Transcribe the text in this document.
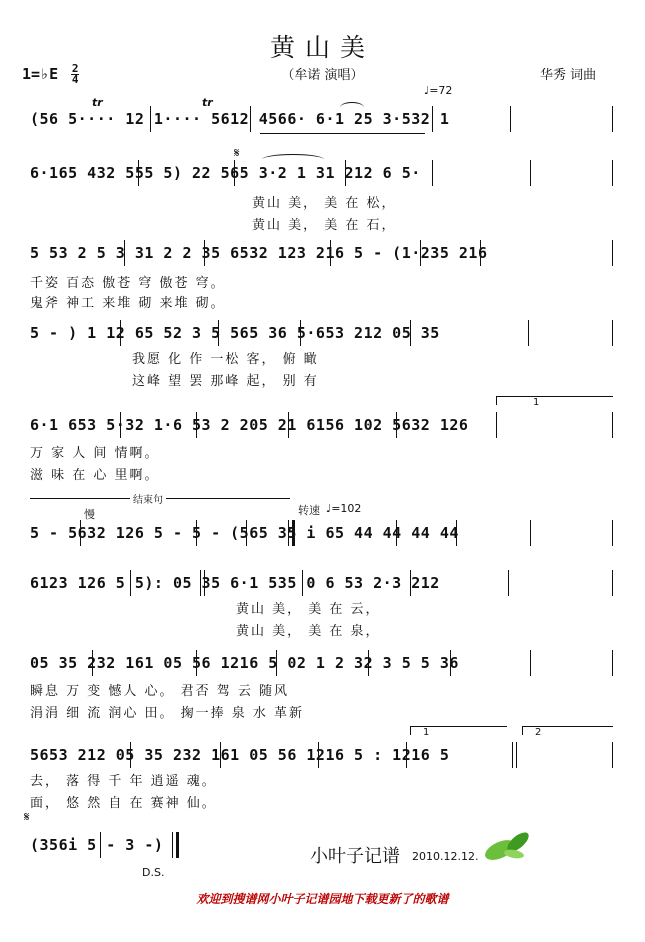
黄山美
（牟诺 演唱）
1=♭E $\frac{2}{4}$	华秀 词曲
♩=72
tr	tr
(56 5···· 12 1···· 5612 4566· 6·1 25 3·532 1
𝄋
6·165 432 555 5) 22 565 3·2 1 31 212 6 5·
黄山 美， 美 在 松，
黄山 美， 美 在 石，
5 53 2 5 3 31 2 2 35 6532 123 216 5 - (1·235 216
千姿 百态 傲苍 穹 傲苍 穹。
鬼斧 神工 来堆 砌 来堆 砌。
5 - ) 1 12 65 52 3 5 565 36 5·653 212 05 35
我愿 化 作 一松 客， 俯 瞰
这峰 望 罢 那峰 起， 别 有
1
6·1 653 5·32 1·6 53 2 205 21 6156 102 5632 126
万 家 人 间 情啊。
滋 味 在 心 里啊。
结束句
慢	转速 ♩=102
5 - 5632 126 5 - 5 - (565 35 i 65 44 44 44 44
6123 126 5 5): 05 35 6·1 535 0 6 53 2·3 212
黄山 美， 美 在 云，
黄山 美， 美 在 泉，
05 35 232 161 05 56 1216 5 02 1 2 32 3 5 5 36
瞬息 万 变 憾人 心。 君否 驾 云 随风
涓涓 细 流 润心 田。 掬一捧 泉 水 革新
1	2
5653 212 05 35 232 161 05 56 1216 5 : 1216 5
去， 落 得 千 年 逍遥 魂。
面， 悠 然 自 在 赛神 仙。
𝄋
(356i 5 - 3 -)
小叶子记谱 2010.12.12.
D.S.
欢迎到搜谱网小叶子记谱园地下载更新了的歌谱
